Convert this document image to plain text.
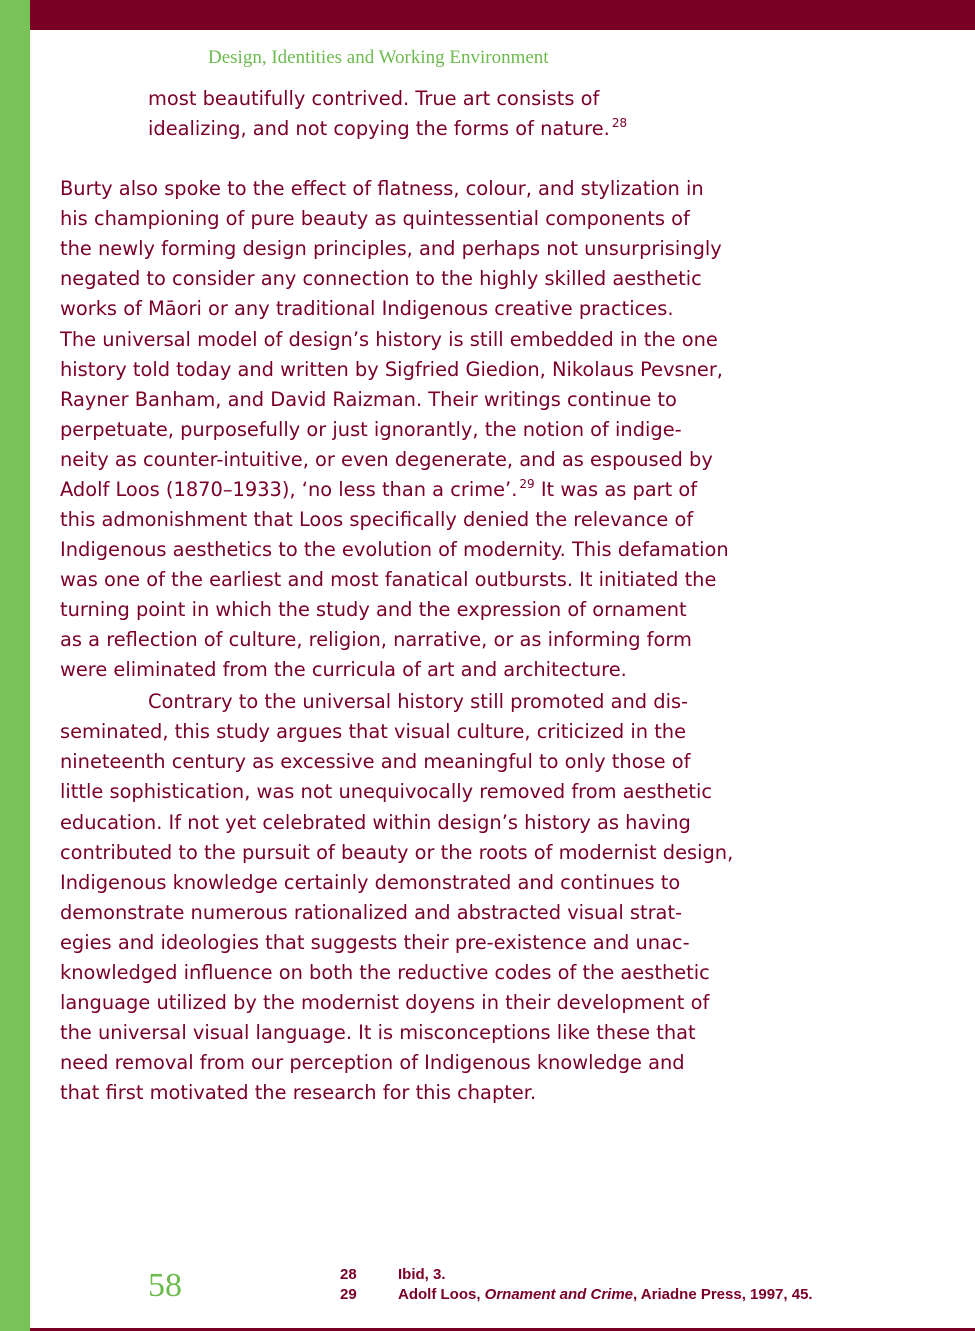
Design, Identities and Working Environment
most beautifully contrived. True art consists of
idealizing, and not copying the forms of nature. $^{28}$
Burty also spoke to the effect of flatness, colour, and stylization in
his championing of pure beauty as quintessential components of
the newly forming design principles, and perhaps not unsurprisingly
negated to consider any connection to the highly skilled aesthetic
works of Māori or any traditional Indigenous creative practices.
The universal model of design’s history is still embedded in the one
history told today and written by Sigfried Giedion, Nikolaus Pevsner,
Rayner Banham, and David Raizman. Their writings continue to
perpetuate, purposefully or just ignorantly, the notion of indige-
neity as counter-intuitive, or even degenerate, and as espoused by
Adolf Loos (1870–1933), ‘no less than a crime’. $^{29}$ It was as part of
this admonishment that Loos specifically denied the relevance of
Indigenous aesthetics to the evolution of modernity. This defamation
was one of the earliest and most fanatical outbursts. It initiated the
turning point in which the study and the expression of ornament
as a reflection of culture, religion, narrative, or as informing form
were eliminated from the curricula of art and architecture.
Contrary to the universal history still promoted and dis-
seminated, this study argues that visual culture, criticized in the
nineteenth century as excessive and meaningful to only those of
little sophistication, was not unequivocally removed from aesthetic
education. If not yet celebrated within design’s history as having
contributed to the pursuit of beauty or the roots of modernist design,
Indigenous knowledge certainly demonstrated and continues to
demonstrate numerous rationalized and abstracted visual strat-
egies and ideologies that suggests their pre-existence and unac-
knowledged influence on both the reductive codes of the aesthetic
language utilized by the modernist doyens in their development of
the universal visual language. It is misconceptions like these that
need removal from our perception of Indigenous knowledge and
that first motivated the research for this chapter.
58	28	Ibid, 3.
29	Adolf Loos, Ornament and Crime, Ariadne Press, 1997, 45.
